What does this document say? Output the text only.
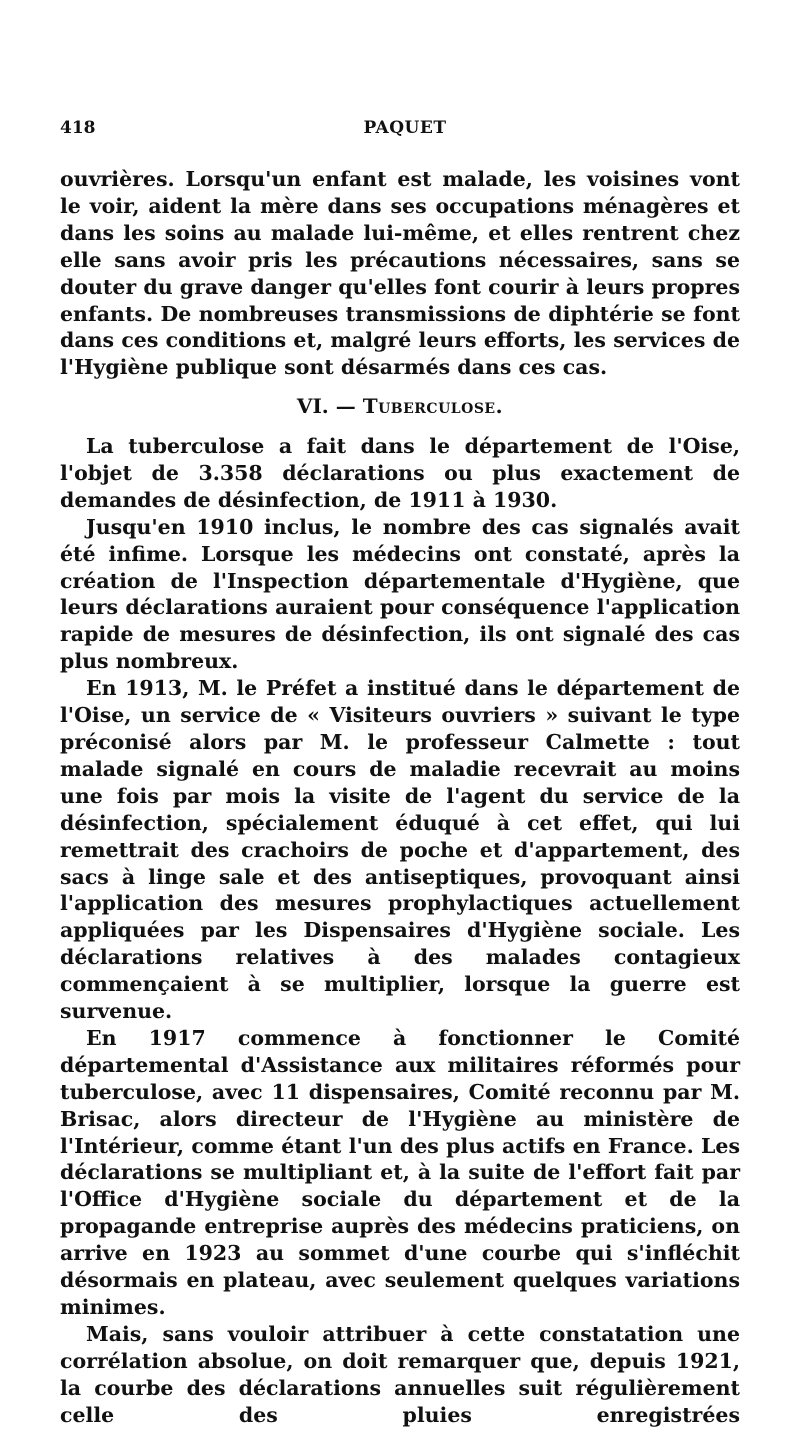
418	PAQUET
ouvrières. Lorsqu'un enfant est malade, les voisines vont le voir, aident la mère dans ses occupations ménagères et dans les soins au malade lui-même, et elles rentrent chez elle sans avoir pris les précautions nécessaires, sans se douter du grave danger qu'elles font courir à leurs propres enfants. De nombreuses transmissions de diphtérie se font dans ces conditions et, malgré leurs efforts, les services de l'Hygiène publique sont désarmés dans ces cas.
VI. — Tuberculose.

La tuberculose a fait dans le département de l'Oise, l'objet de 3.358 déclarations ou plus exactement de demandes de désinfection, de 1911 à 1930.

Jusqu'en 1910 inclus, le nombre des cas signalés avait été infime. Lorsque les médecins ont constaté, après la création de l'Inspection départementale d'Hygiène, que leurs déclarations auraient pour conséquence l'application rapide de mesures de désinfection, ils ont signalé des cas plus nombreux.

En 1913, M. le Préfet a institué dans le département de l'Oise, un service de « Visiteurs ouvriers » suivant le type préconisé alors par M. le professeur Calmette : tout malade signalé en cours de maladie recevrait au moins une fois par mois la visite de l'agent du service de la désinfection, spécialement éduqué à cet effet, qui lui remettrait des crachoirs de poche et d'appartement, des sacs à linge sale et des antiseptiques, provoquant ainsi l'application des mesures prophylactiques actuellement appliquées par les Dispensaires d'Hygiène sociale. Les déclarations relatives à des malades contagieux commençaient à se multiplier, lorsque la guerre est survenue.

En 1917 commence à fonctionner le Comité départemental d'Assistance aux militaires réformés pour tuberculose, avec 11 dispensaires, Comité reconnu par M. Brisac, alors directeur de l'Hygiène au ministère de l'Intérieur, comme étant l'un des plus actifs en France. Les déclarations se multipliant et, à la suite de l'effort fait par l'Office d'Hygiène sociale du département et de la propagande entreprise auprès des médecins praticiens, on arrive en 1923 au sommet d'une courbe qui s'infléchit désormais en plateau, avec seulement quelques variations minimes.

Mais, sans vouloir attribuer à cette constatation une corrélation absolue, on doit remarquer que, depuis 1921, la courbe des déclarations annuelles suit régulièrement celle des pluies enregistrées
